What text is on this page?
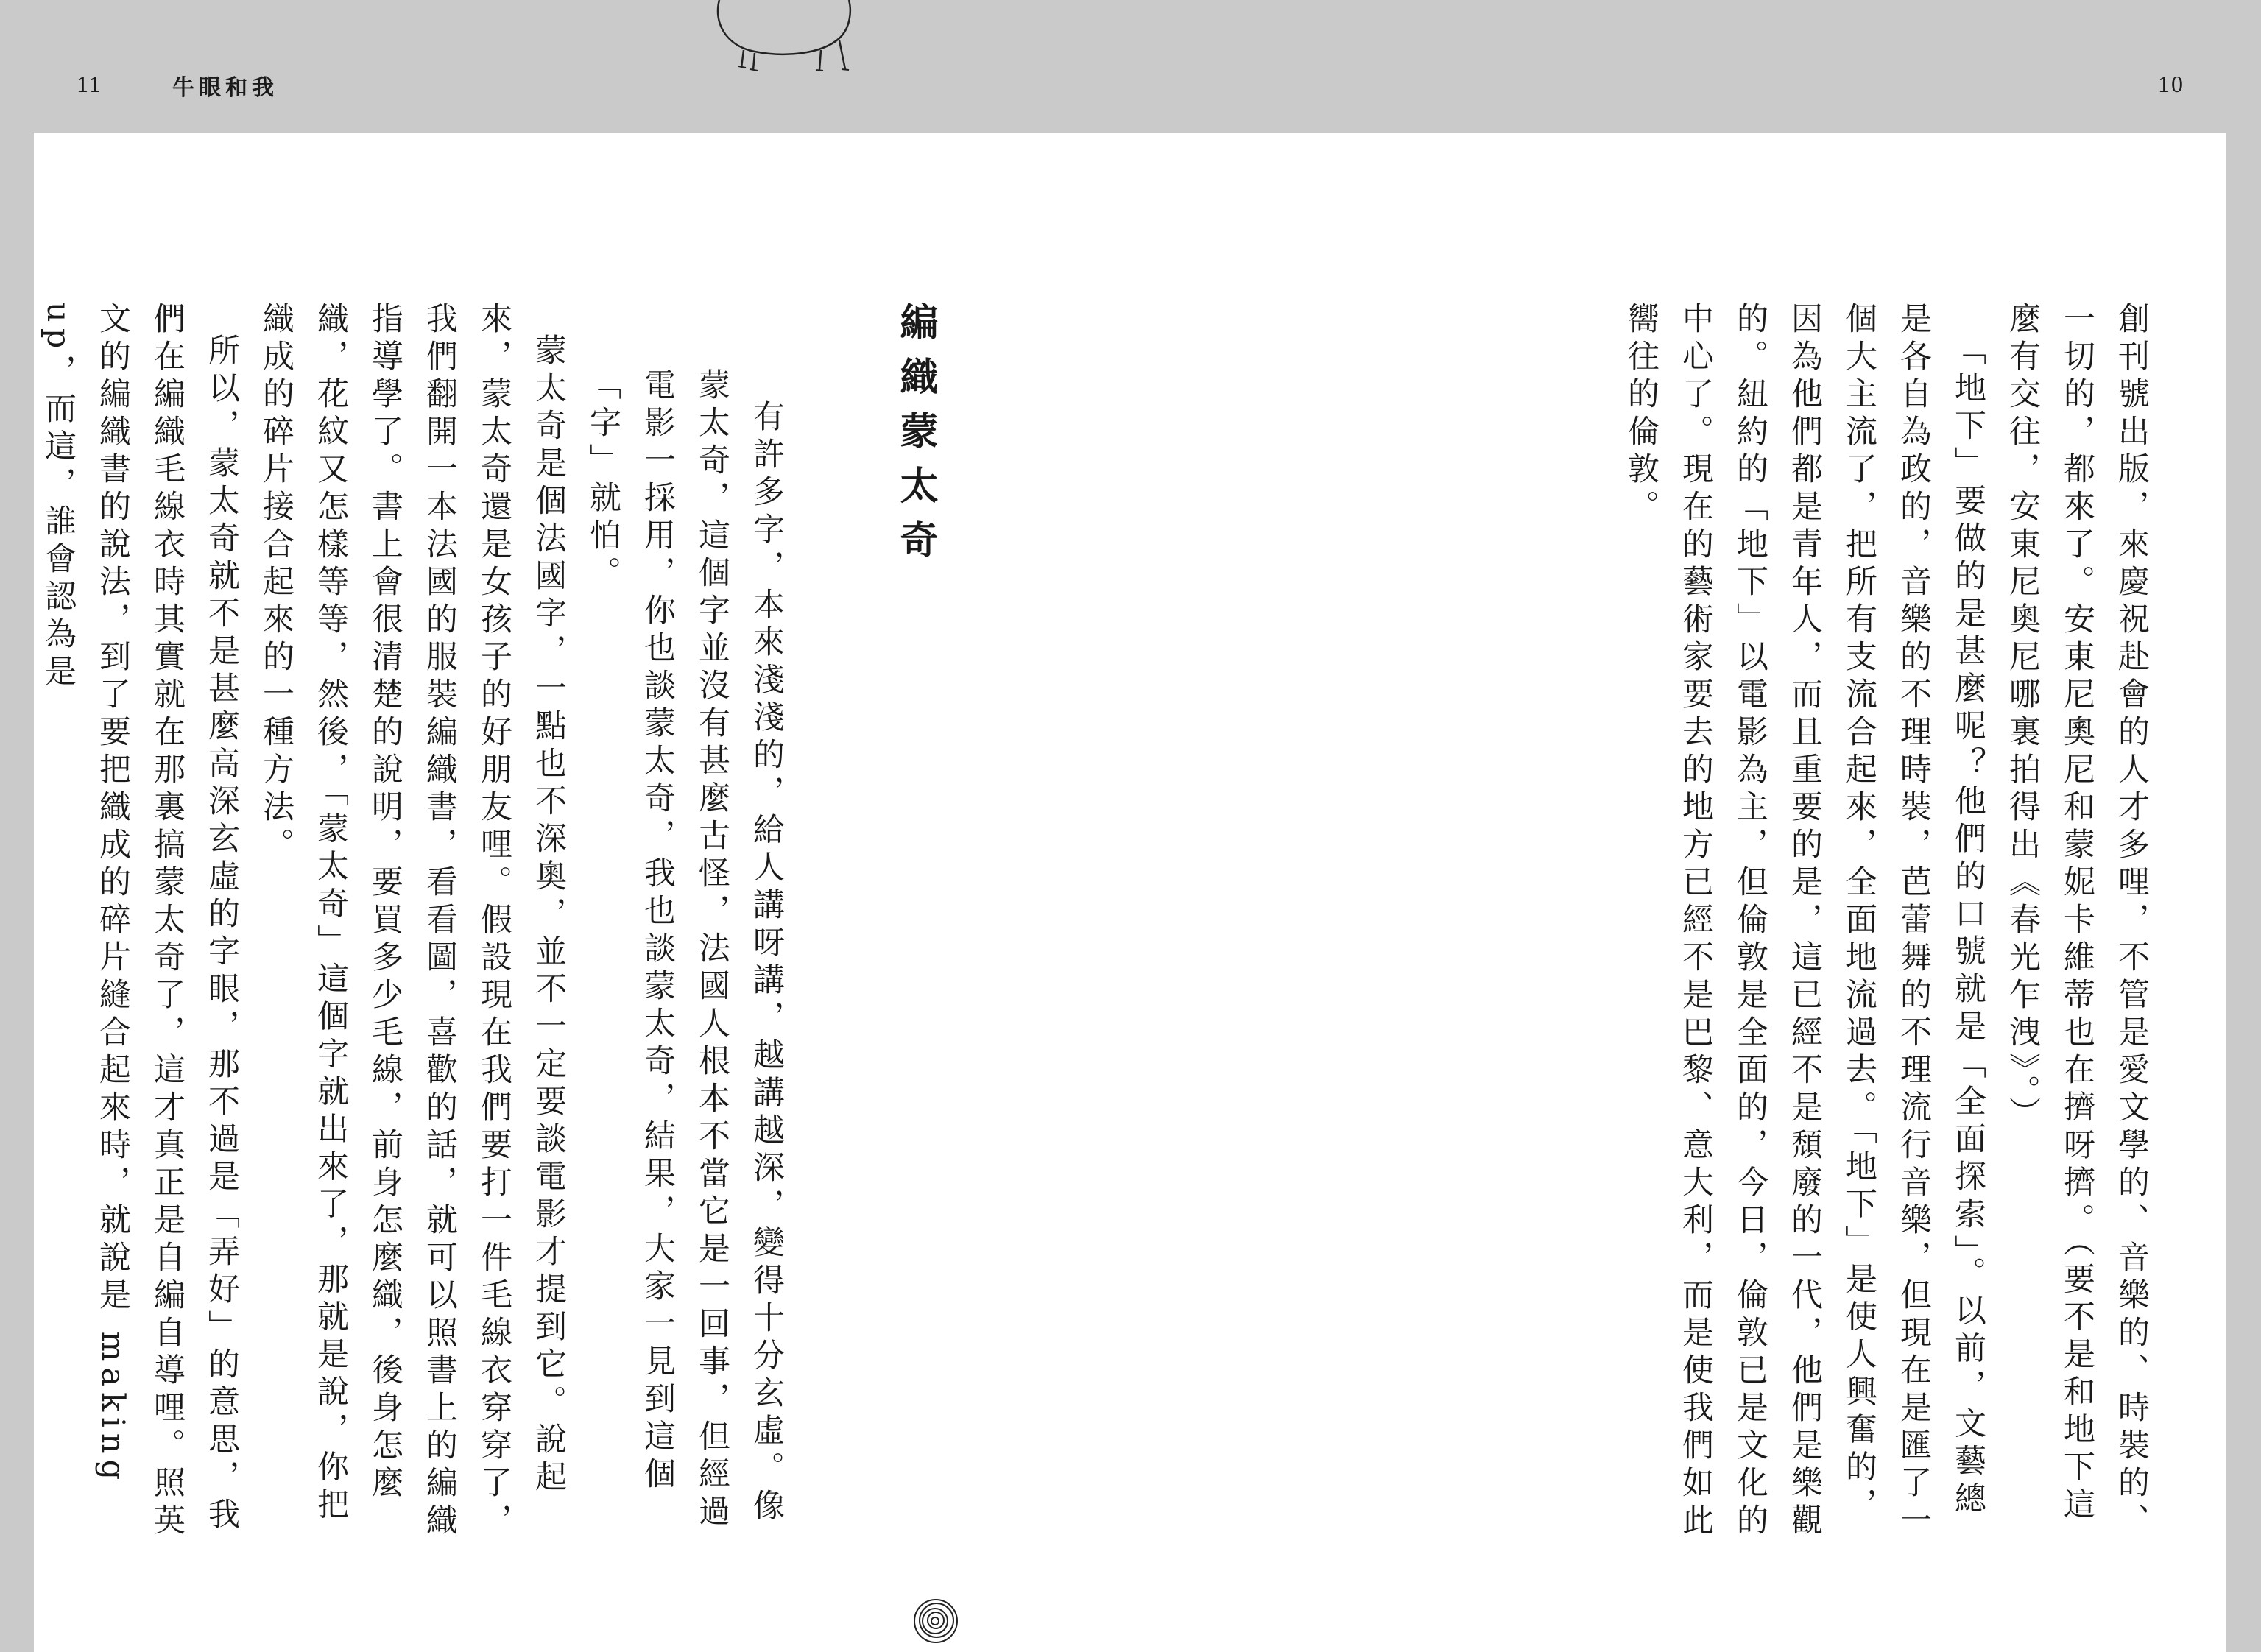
11	牛眼和我	10

創刊號出版，來慶祝赴會的人才多哩，不管是愛文學的、音樂的、時裝的、一切的，都來了。安東尼奧尼和蒙妮卡維蒂也在擠呀擠。（要不是和地下這麼有交往，安東尼奧尼哪裏拍得出《春光乍洩》。）

「地下」要做的是甚麼呢？他們的口號就是「全面探索」。以前，文藝總是各自為政的，音樂的不理時裝，芭蕾舞的不理流行音樂，但現在是匯了一個大主流了，把所有支流合起來，全面地流過去。「地下」是使人興奮的，因為他們都是青年人，而且重要的是，這已經不是頹廢的一代，他們是樂觀的。紐約的「地下」以電影為主，但倫敦是全面的，今日，倫敦已是文化的中心了。現在的藝術家要去的地方已經不是巴黎、意大利，而是使我們如此嚮往的倫敦。

編織蒙太奇

有許多字，本來淺淺的，給人講呀講，越講越深，變得十分玄虛。像蒙太奇，這個字並沒有甚麼古怪，法國人根本不當它是一回事，但經過電影一採用，你也談蒙太奇，我也談蒙太奇，結果，大家一見到這個「字」就怕。

蒙太奇是個法國字，一點也不深奧，並不一定要談電影才提到它。說起來，蒙太奇還是女孩子的好朋友哩。假設現在我們要打一件毛線衣穿穿了，我們翻開一本法國的服裝編織書，看看圖，喜歡的話，就可以照書上的編織指導學了。書上會很清楚的說明，要買多少毛線，前身怎麼織，後身怎麼織，花紋又怎樣等等，然後，「蒙太奇」這個字就出來了，那就是說，你把織成的碎片接合起來的一種方法。

所以，蒙太奇就不是甚麼高深玄虛的字眼，那不過是「弄好」的意思，我們在編織毛線衣時其實就在那裏搞蒙太奇了，這才真正是自編自導哩。照英文的編織書的說法，到了要把織成的碎片縫合起來時，就說是 making up，而這，誰會認為是
